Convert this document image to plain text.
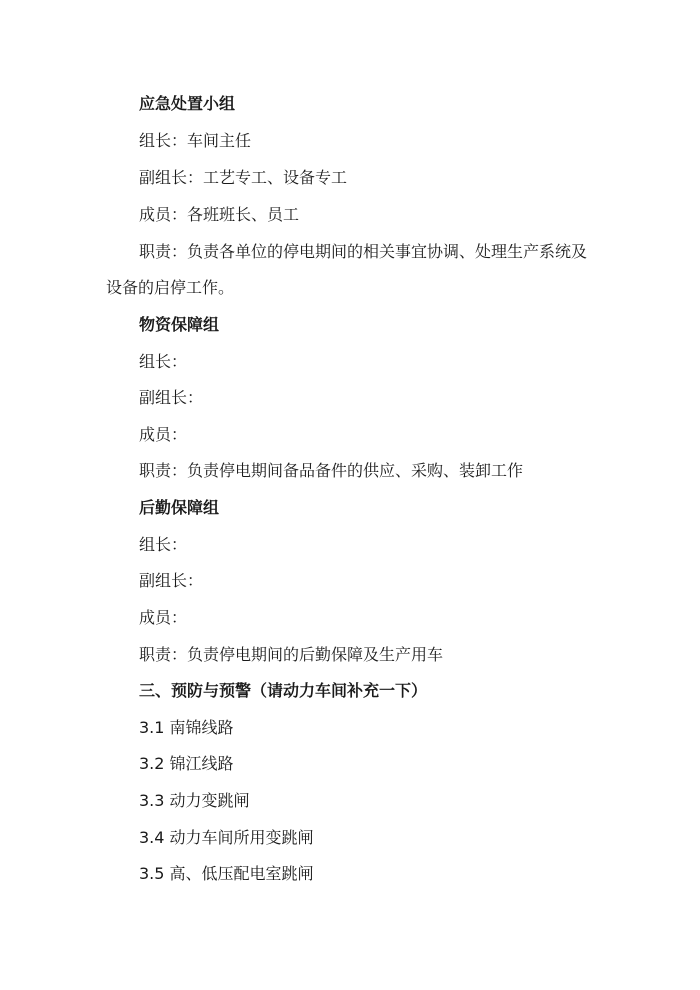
应急处置小组
组长：车间主任
副组长：工艺专工、设备专工
成员：各班班长、员工
职责：负责各单位的停电期间的相关事宜协调、处理生产系统及
设备的启停工作。
物资保障组
组长：
副组长：
成员：
职责：负责停电期间备品备件的供应、采购、装卸工作
后勤保障组
组长：
副组长：
成员：
职责：负责停电期间的后勤保障及生产用车
三、预防与预警（请动力车间补充一下）
3.1 南锦线路
3.2 锦江线路
3.3 动力变跳闸
3.4 动力车间所用变跳闸
3.5 高、低压配电室跳闸
